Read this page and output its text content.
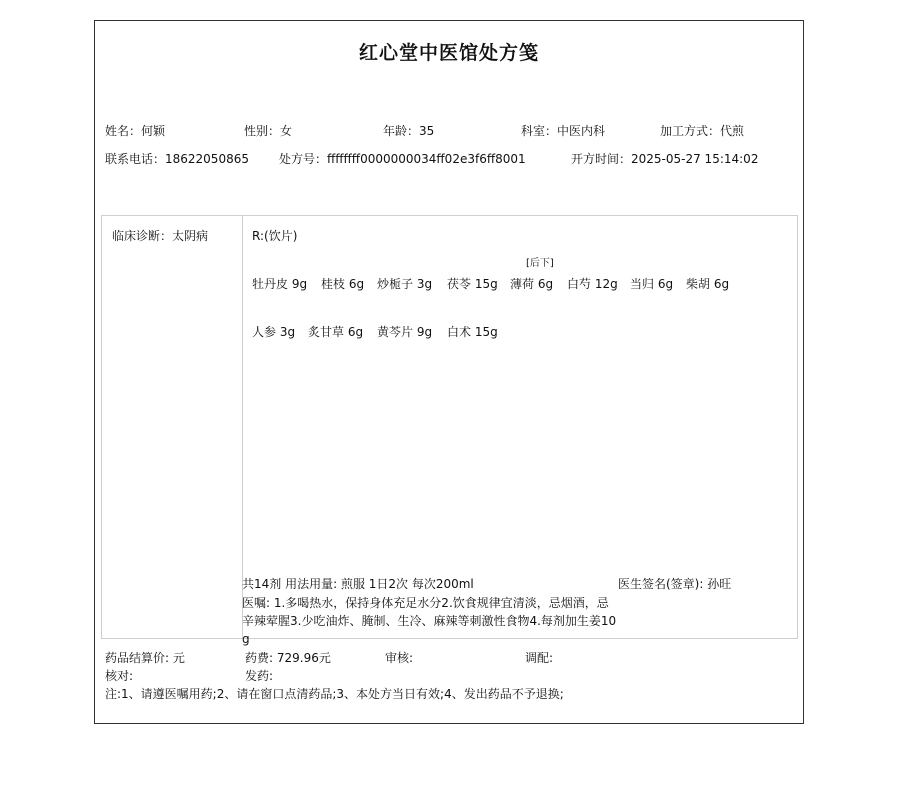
红心堂中医馆处方笺
姓名：何颖	性别：女	年龄：35	科室：中医内科	加工方式：代煎
联系电话：18622050865	处方号：ffffffff0000000034ff02e3f6ff8001	开方时间：2025-05-27 15:14:02
临床诊断：太阴病	R:(饮片)
牡丹皮 9g 桂枝 6g 炒栀子 3g 茯苓 15g
[后下]
薄荷 6g 白芍 12g 当归 6g 柴胡 6g
人参 3g 炙甘草 6g 黄芩片 9g 白术 15g
共14剂 用法用量: 煎服 1日2次 每次200ml	医生签名(签章): 孙旺
医嘱: 1.多喝热水，保持身体充足水分2.饮食规律宜清淡，忌烟酒，忌辛辣荤腥3.少吃油炸、腌制、生冷、麻辣等刺激性食物4.每剂加生姜10g
药品结算价: 元	药费: 729.96元	审核:	调配:
核对:	发药:
注:1、请遵医嘱用药;2、请在窗口点清药品;3、本处方当日有效;4、发出药品不予退换;
